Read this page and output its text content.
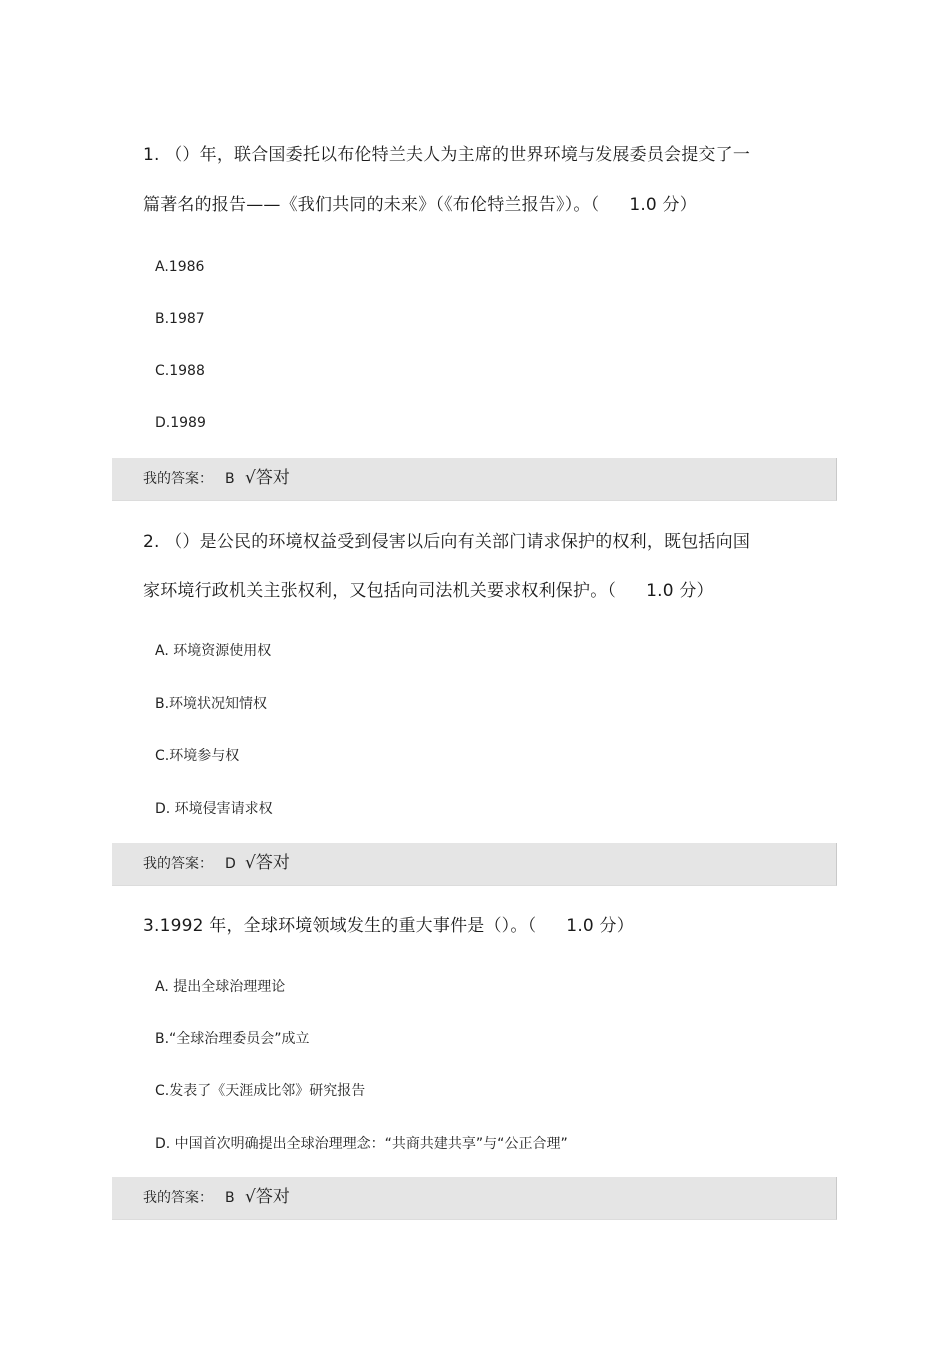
1. （）年，联合国委托以布伦特兰夫人为主席的世界环境与发展委员会提交了一
篇著名的报告——《我们共同的未来》（《布伦特兰报告》）。（ 1.0 分）
A.1986
B.1987
C.1988
D.1989
我的答案： B √答对
2. （）是公民的环境权益受到侵害以后向有关部门请求保护的权利，既包括向国
家环境行政机关主张权利，又包括向司法机关要求权利保护。（ 1.0 分）
A. 环境资源使用权
B.环境状况知情权
C.环境参与权
D. 环境侵害请求权
我的答案： D √答对
3.1992 年，全球环境领域发生的重大事件是（）。（ 1.0 分）
A. 提出全球治理理论
B.“全球治理委员会”成立
C.发表了《天涯成比邻》研究报告
D. 中国首次明确提出全球治理理念：“共商共建共享”与“公正合理”
我的答案： B √答对
